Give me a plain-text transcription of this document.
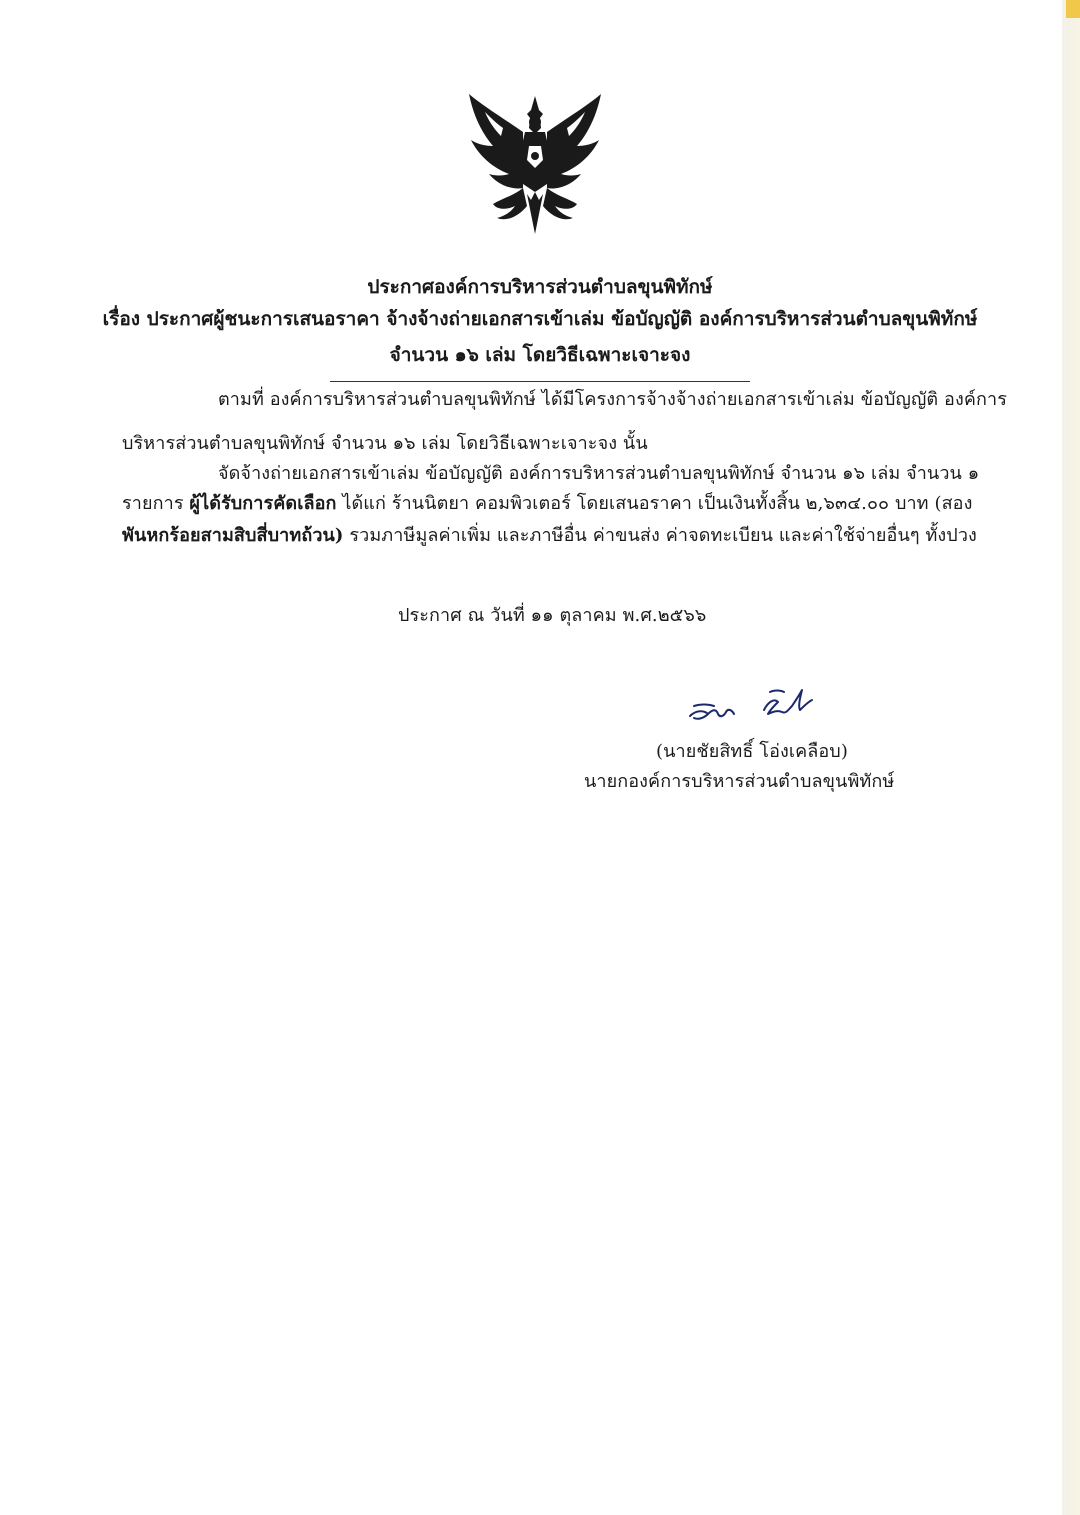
ประกาศองค์การบริหารส่วนตำบลขุนพิทักษ์
เรื่อง ประกาศผู้ชนะการเสนอราคา จ้างจ้างถ่ายเอกสารเข้าเล่ม ข้อบัญญัติ องค์การบริหารส่วนตำบลขุนพิทักษ์
จำนวน ๑๖ เล่ม โดยวิธีเฉพาะเจาะจง
ตามที่ องค์การบริหารส่วนตำบลขุนพิทักษ์ ได้มีโครงการจ้างจ้างถ่ายเอกสารเข้าเล่ม ข้อบัญญัติ องค์การ
บริหารส่วนตำบลขุนพิทักษ์ จำนวน ๑๖ เล่ม โดยวิธีเฉพาะเจาะจง นั้น
จัดจ้างถ่ายเอกสารเข้าเล่ม ข้อบัญญัติ องค์การบริหารส่วนตำบลขุนพิทักษ์ จำนวน ๑๖ เล่ม จำนวน ๑
รายการ ผู้ได้รับการคัดเลือก ได้แก่ ร้านนิตยา คอมพิวเตอร์ โดยเสนอราคา เป็นเงินทั้งสิ้น ๒,๖๓๔.๐๐ บาท (สอง
พันหกร้อยสามสิบสี่บาทถ้วน) รวมภาษีมูลค่าเพิ่ม และภาษีอื่น ค่าขนส่ง ค่าจดทะเบียน และค่าใช้จ่ายอื่นๆ ทั้งปวง
ประกาศ ณ วันที่ ๑๑ ตุลาคม พ.ศ.๒๕๖๖
(นายชัยสิทธิ์ โอ่งเคลือบ)
นายกองค์การบริหารส่วนตำบลขุนพิทักษ์
